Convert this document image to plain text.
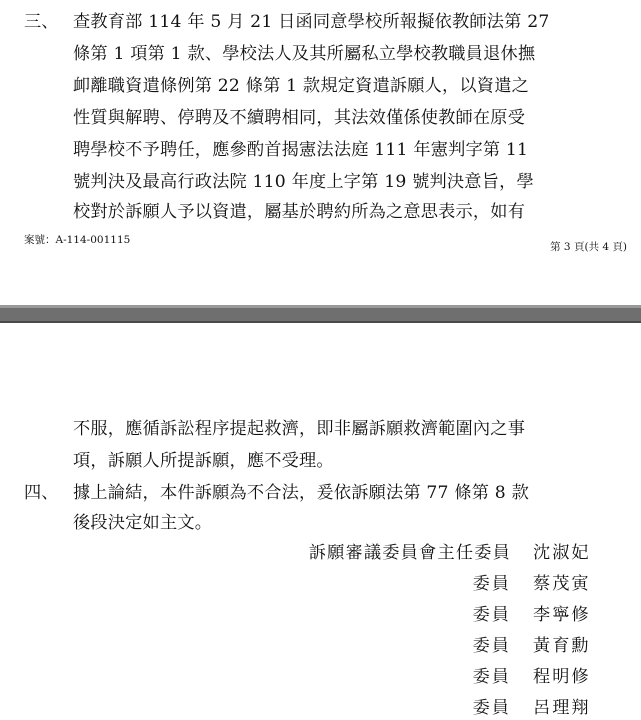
三、 查教育部 114 年 5 月 21 日函同意學校所報擬依教師法第 27
條第 1 項第 1 款、學校法人及其所屬私立學校教職員退休撫
卹離職資遣條例第 22 條第 1 款規定資遣訴願人，以資遣之
性質與解聘、停聘及不續聘相同，其法效僅係使教師在原受
聘學校不予聘任，應參酌首揭憲法法庭 111 年憲判字第 11
號判決及最高行政法院 110 年度上字第 19 號判決意旨，學
校對於訴願人予以資遣，屬基於聘約所為之意思表示，如有
案號：A-114-001115
第 3 頁(共 4 頁)
不服，應循訴訟程序提起救濟，即非屬訴願救濟範圍內之事
項，訴願人所提訴願，應不受理。
四、 據上論結，本件訴願為不合法，爰依訴願法第 77 條第 8 款
後段決定如主文。
訴願審議委員會主任委員 沈淑妃
委員 蔡茂寅
委員 李寧修
委員 黃育勳
委員 程明修
委員 呂理翔
